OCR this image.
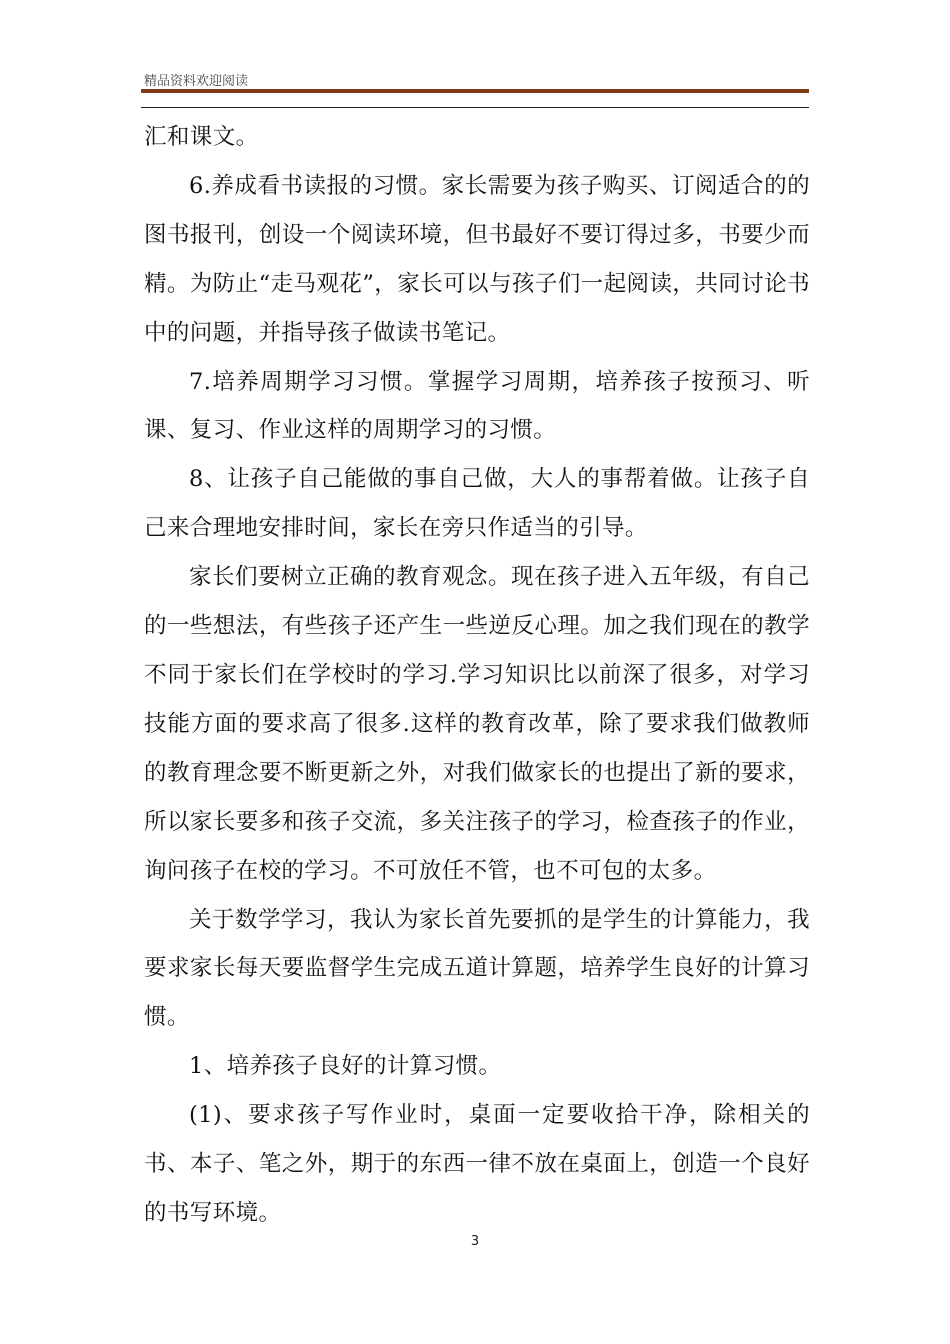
精品资料欢迎阅读

汇和课文。

6.养成看书读报的习惯。家长需要为孩子购买、订阅适合的的图书报刊，创设一个阅读环境，但书最好不要订得过多，书要少而精。为防止“走马观花”，家长可以与孩子们一起阅读，共同讨论书中的问题，并指导孩子做读书笔记。

7.培养周期学习习惯。掌握学习周期，培养孩子按预习、听课、复习、作业这样的周期学习的习惯。

8、让孩子自己能做的事自己做，大人的事帮着做。让孩子自己来合理地安排时间，家长在旁只作适当的引导。

家长们要树立正确的教育观念。现在孩子进入五年级，有自己的一些想法，有些孩子还产生一些逆反心理。加之我们现在的教学不同于家长们在学校时的学习.学习知识比以前深了很多，对学习技能方面的要求高了很多.这样的教育改革，除了要求我们做教师的教育理念要不断更新之外，对我们做家长的也提出了新的要求，所以家长要多和孩子交流，多关注孩子的学习，检查孩子的作业，询问孩子在校的学习。不可放任不管，也不可包的太多。

关于数学学习，我认为家长首先要抓的是学生的计算能力，我要求家长每天要监督学生完成五道计算题，培养学生良好的计算习惯。

1、培养孩子良好的计算习惯。

(1)、要求孩子写作业时，桌面一定要收拾干净，除相关的书、本子、笔之外，期于的东西一律不放在桌面上，创造一个良好的书写环境。

3
